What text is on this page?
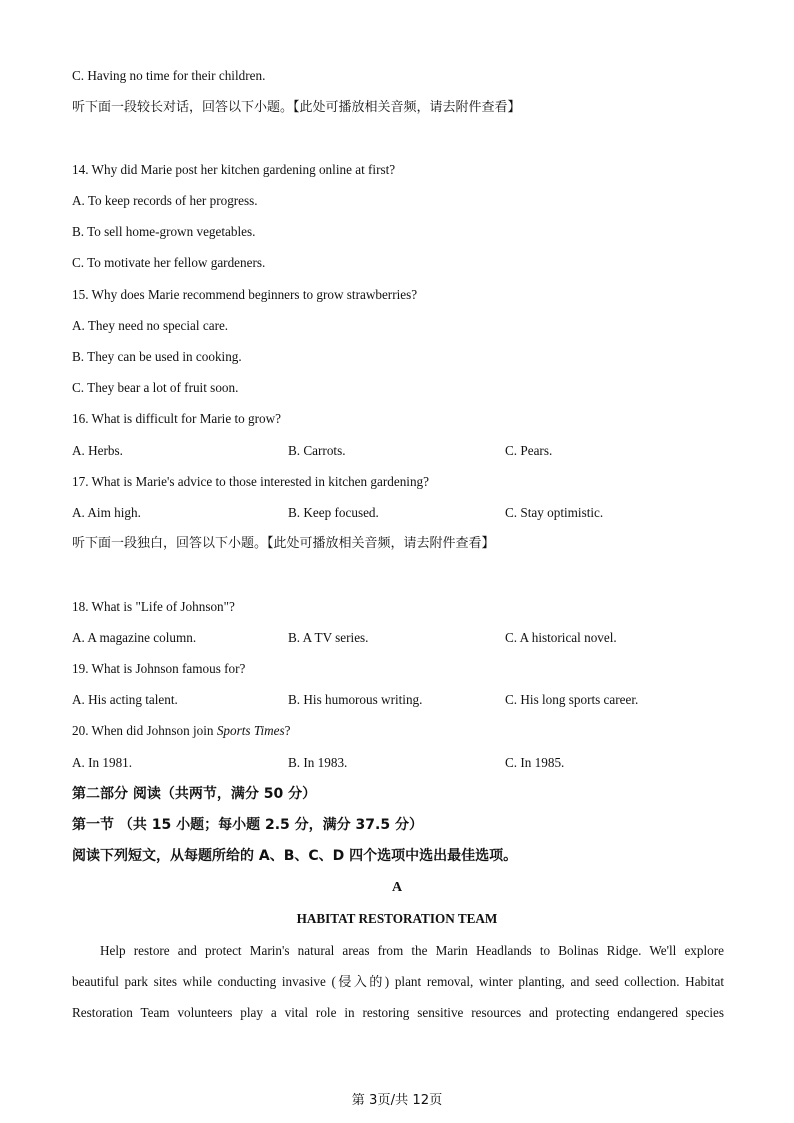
C. Having no time for their children.
听下面一段较长对话，回答以下小题。【此处可播放相关音频，请去附件查看】
14. Why did Marie post her kitchen gardening online at first?
A. To keep records of her progress.
B. To sell home-grown vegetables.
C. To motivate her fellow gardeners.
15. Why does Marie recommend beginners to grow strawberries?
A. They need no special care.
B. They can be used in cooking.
C. They bear a lot of fruit soon.
16. What is difficult for Marie to grow?
A. Herbs.	B. Carrots.	C. Pears.
17. What is Marie's advice to those interested in kitchen gardening?
A. Aim high.	B. Keep focused.	C. Stay optimistic.
听下面一段独白，回答以下小题。【此处可播放相关音频，请去附件查看】
18. What is "Life of Johnson"?
A. A magazine column.	B. A TV series.	C. A historical novel.
19. What is Johnson famous for?
A. His acting talent.	B. His humorous writing.	C. His long sports career.
20. When did Johnson join Sports Times?
A. In 1981.	B. In 1983.	C. In 1985.
第二部分 阅读（共两节，满分 50 分）
第一节 （共 15 小题；每小题 2.5 分，满分 37.5 分）
阅读下列短文，从每题所给的 A、B、C、D 四个选项中选出最佳选项。
A
HABITAT RESTORATION TEAM
Help restore and protect Marin's natural areas from the Marin Headlands to Bolinas Ridge. We'll explore
beautiful park sites while conducting invasive (侵入的) plant removal, winter planting, and seed collection. Habitat
Restoration Team volunteers play a vital role in restoring sensitive resources and protecting endangered species
第 3页/共 12页
